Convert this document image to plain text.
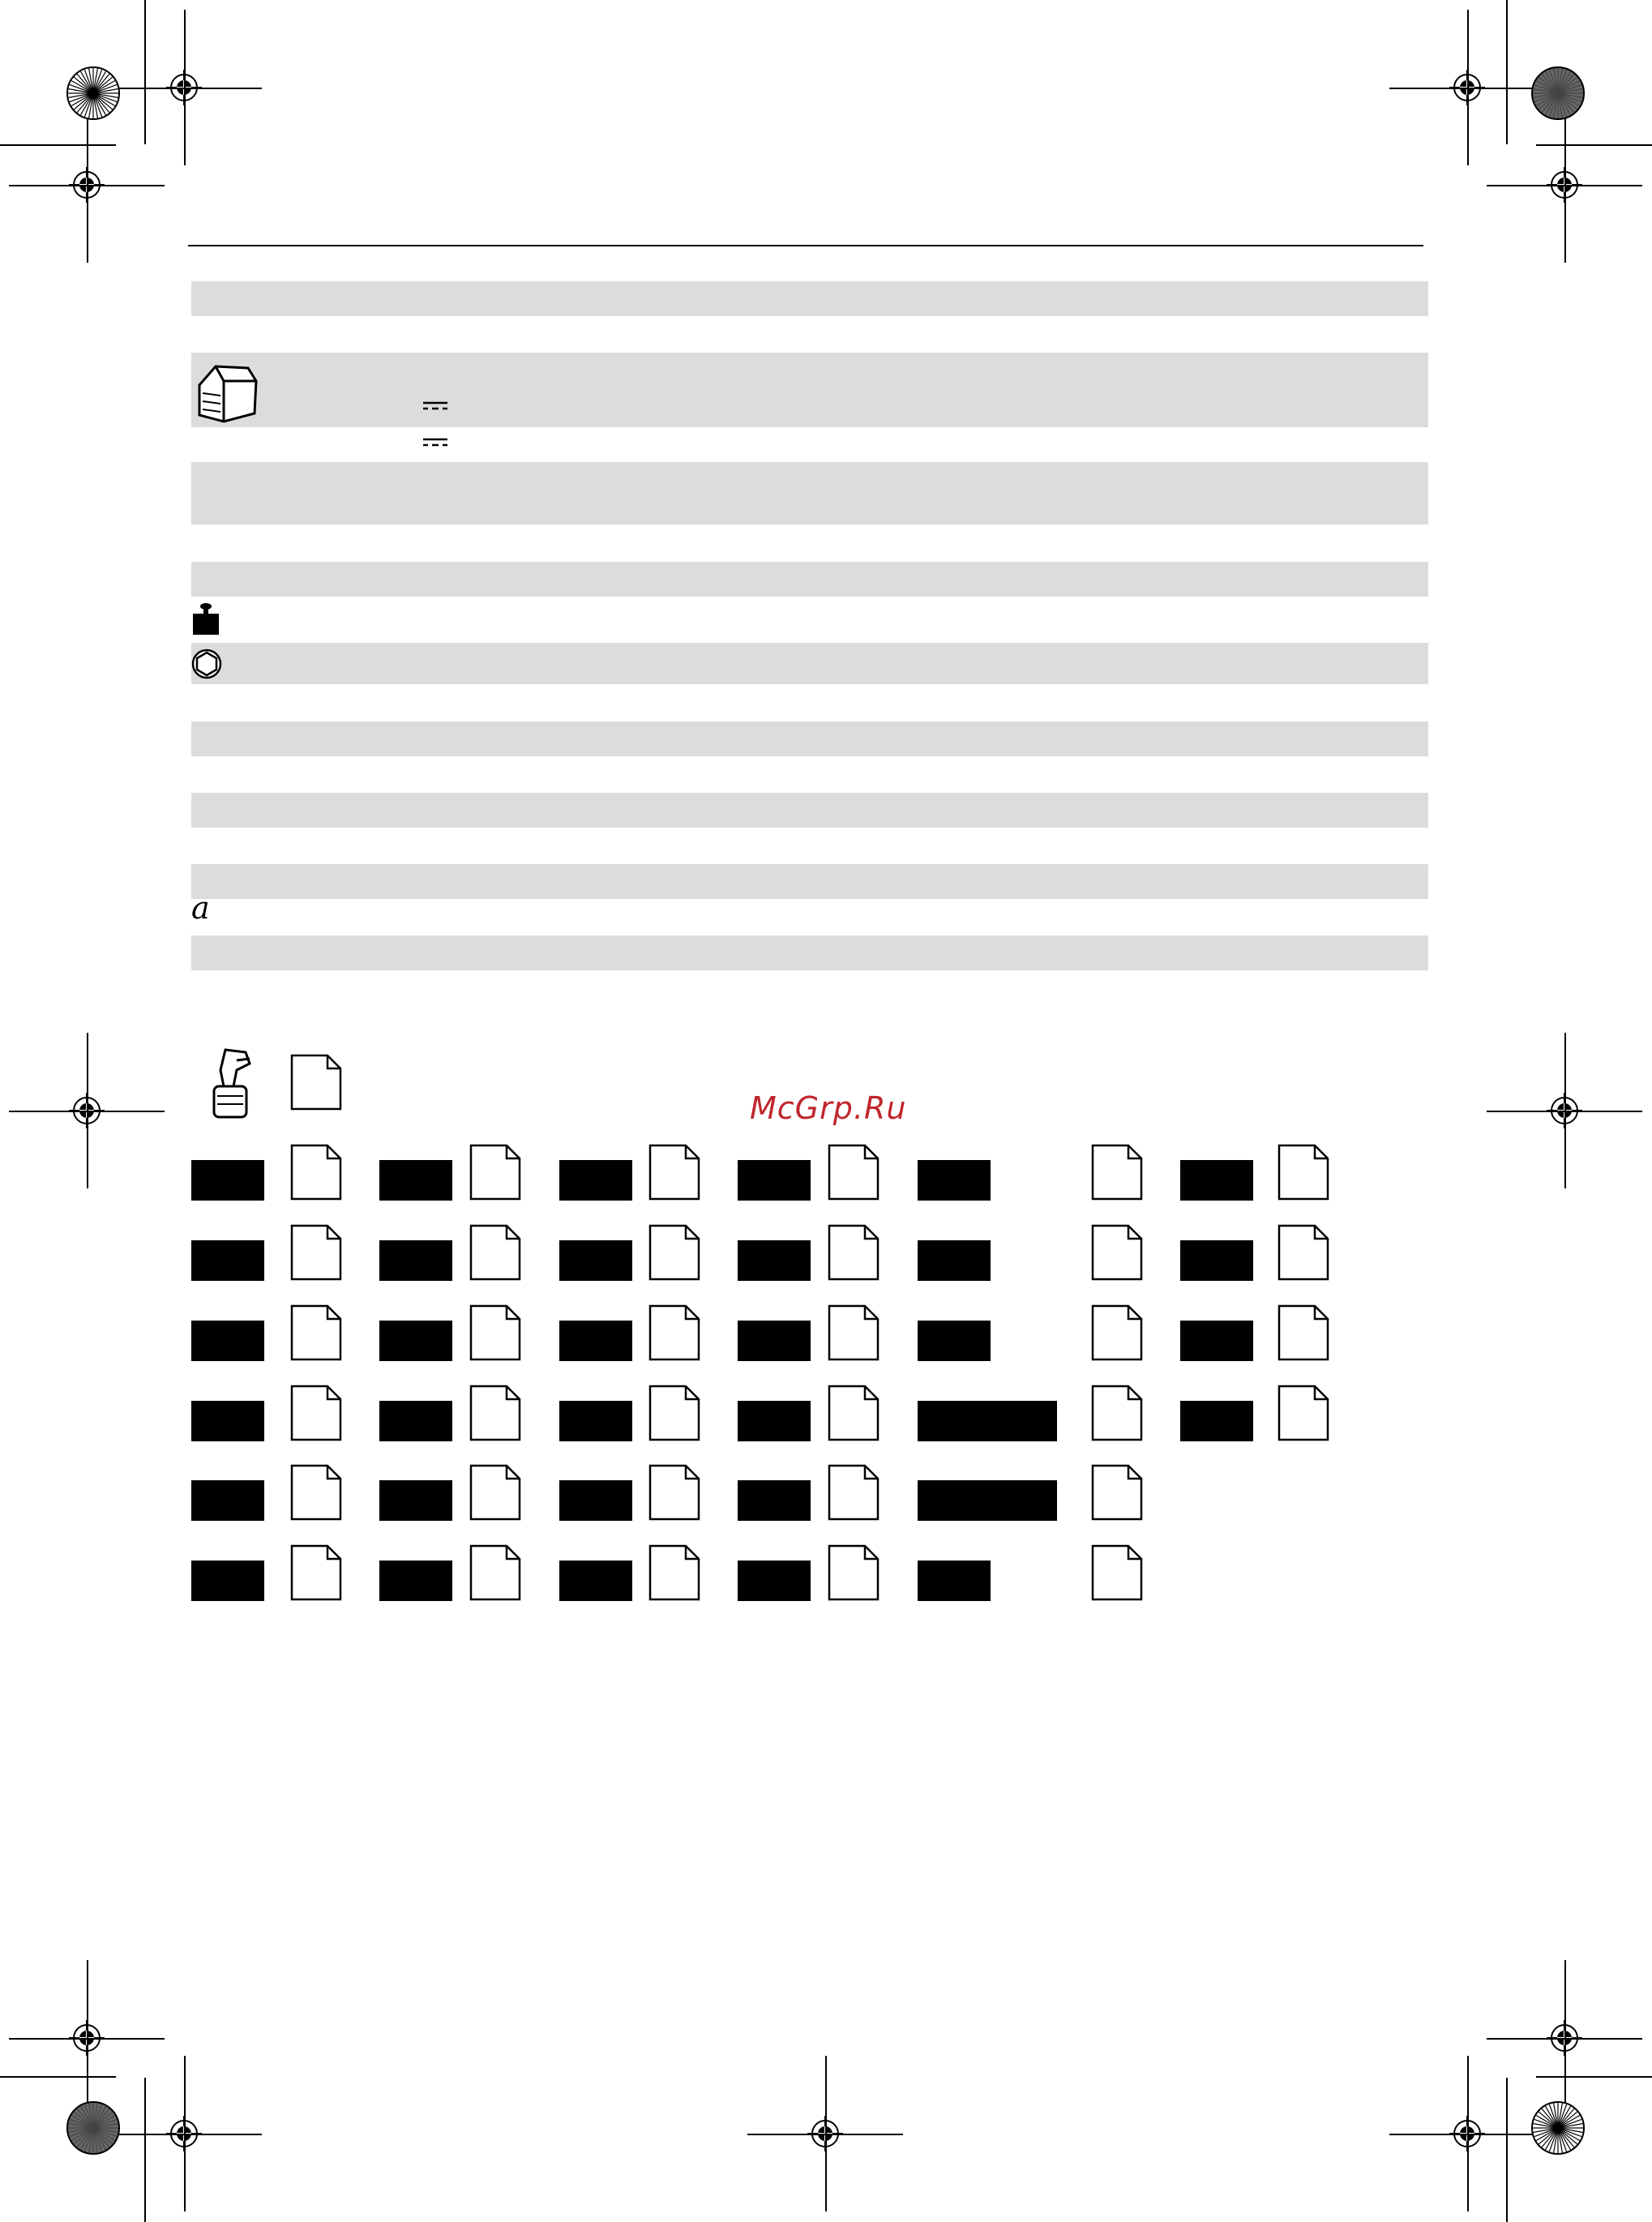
a
McGrp.Ru
